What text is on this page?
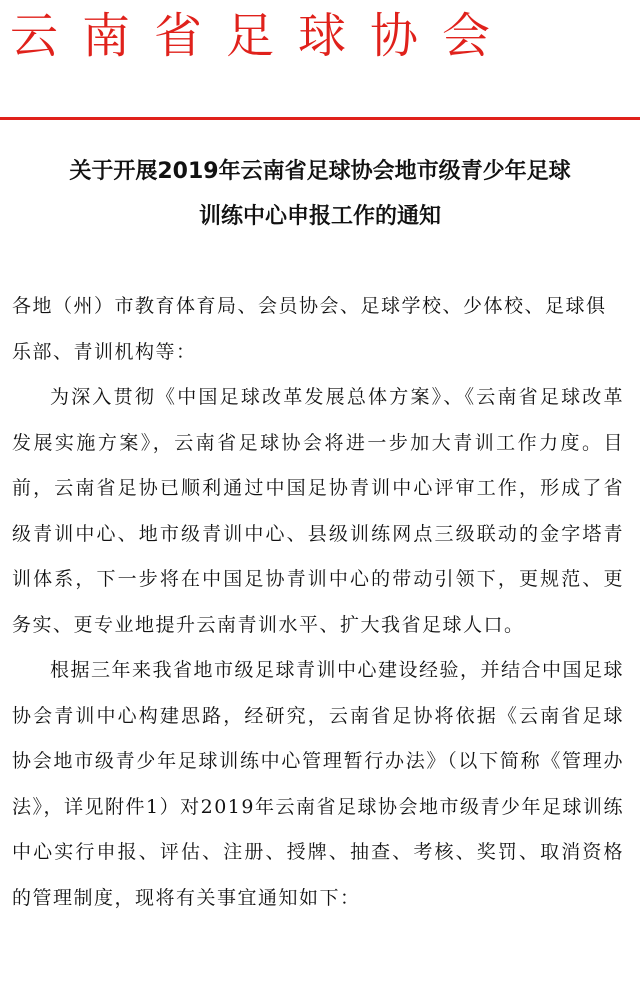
云南省足球协会
关于开展2019年云南省足球协会地市级青少年足球
训练中心申报工作的通知

各地（州）市教育体育局、会员协会、足球学校、少体校、足球俱乐部、青训机构等：

为深入贯彻《中国足球改革发展总体方案》、《云南省足球改革发展实施方案》，云南省足球协会将进一步加大青训工作力度。目前，云南省足协已顺利通过中国足协青训中心评审工作，形成了省级青训中心、地市级青训中心、县级训练网点三级联动的金字塔青训体系，下一步将在中国足协青训中心的带动引领下，更规范、更务实、更专业地提升云南青训水平、扩大我省足球人口。

根据三年来我省地市级足球青训中心建设经验，并结合中国足球协会青训中心构建思路，经研究，云南省足协将依据《云南省足球协会地市级青少年足球训练中心管理暂行办法》（以下简称《管理办法》，详见附件1）对2019年云南省足球协会地市级青少年足球训练中心实行申报、评估、注册、授牌、抽查、考核、奖罚、取消资格的管理制度，现将有关事宜通知如下：
